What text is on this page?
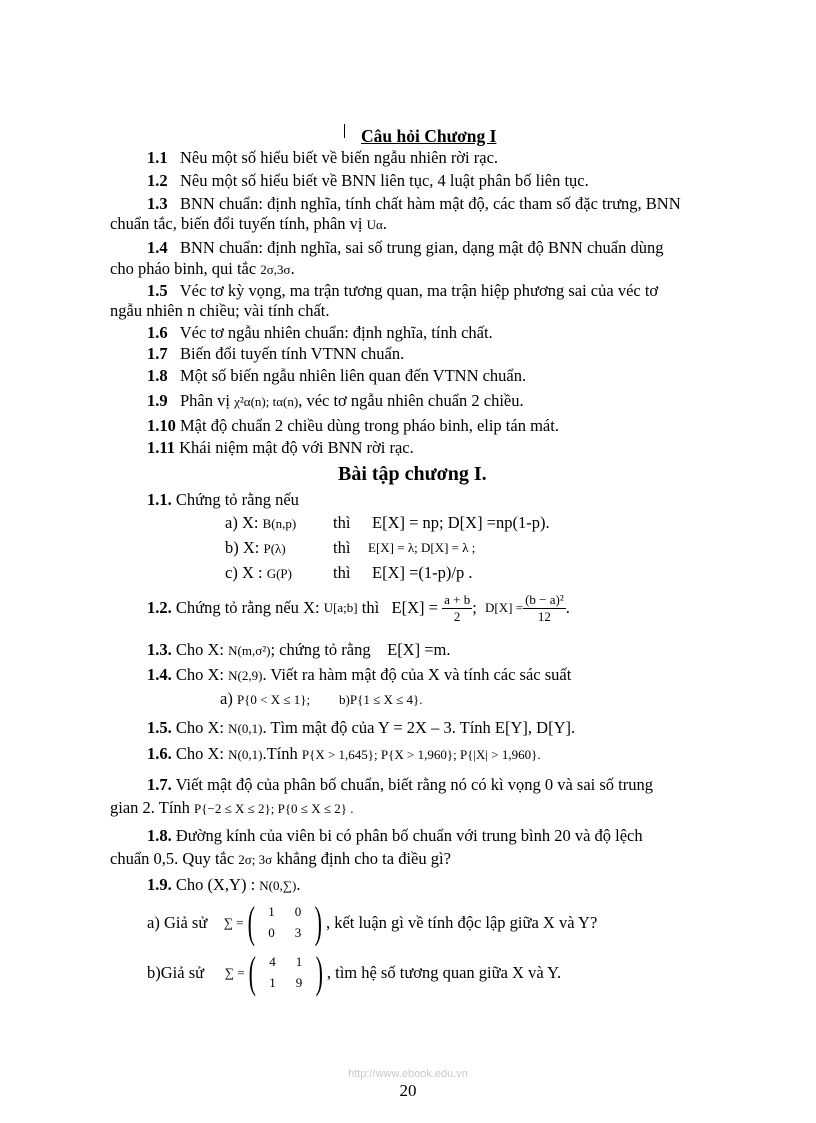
Câu hỏi Chương I
1.1 Nêu một số hiểu biết về biến ngẫu nhiên rời rạc.
1.2 Nêu một số hiểu biết về BNN liên tục, 4 luật phân bố liên tục.
1.3 BNN chuẩn: định nghĩa, tính chất hàm mật độ, các tham số đặc trưng, BNN
chuẩn tắc, biến đổi tuyến tính, phân vị Uα.
1.4 BNN chuẩn: định nghĩa, sai số trung gian, dạng mật độ BNN chuẩn dùng
cho pháo binh, qui tắc 2σ,3σ.
1.5 Véc tơ kỳ vọng, ma trận tương quan, ma trận hiệp phương sai của véc tơ
ngẫu nhiên n chiều; vài tính chất.
1.6 Véc tơ ngẫu nhiên chuẩn: định nghĩa, tính chất.
1.7 Biến đổi tuyến tính VTNN chuẩn.
1.8 Một số biến ngẫu nhiên liên quan đến VTNN chuẩn.
1.9 Phân vị χ²α(n); tα(n), véc tơ ngẫu nhiên chuẩn 2 chiều.
1.10 Mật độ chuẩn 2 chiều dùng trong pháo binh, elip tán mát.
1.11 Khái niệm mật độ với BNN rời rạc.
Bài tập chương I.
1.1. Chứng tỏ rằng nếu
a) X: B(n,p) thì E[X] = np; D[X] =np(1-p).
b) X: P(λ)	thì E[X] = λ; D[X] = λ ;
c) X : G(P) thì E[X] =(1-p)/p .
1.2.
Chứng tỏ rằng nếu
X:
U[a;b]
thì
E[X] =
$\frac{a + b}{2}$ ;
$D[X] = \frac{\text{(b − a)²}}{12}$ .
1.3. Cho X: N(m,σ²); chứng tỏ rằng E[X] =m.
1.4. Cho X: N(2,9). Viết ra hàm mật độ của X và tính các sác suất
a) P{0 < X ≤ 1}; b)P{1 ≤ X ≤ 4}.
1.5. Cho X: N(0,1). Tìm mật độ của Y = 2X – 3. Tính E[Y], D[Y].
1.6. Cho X: N(0,1).Tính P{X > 1,645}; P{X > 1,960}; P{|X| > 1,960}.
1.7. Viết mật độ của phân bố chuẩn, biết rằng nó có kì vọng 0 và sai số trung
gian 2. Tính P{−2 ≤ X ≤ 2}; P{0 ≤ X ≤ 2} .
1.8. Đường kính của viên bi có phân bố chuẩn với trung bình 20 và độ lệch
chuẩn 0,5. Quy tắc 2σ; 3σ khẳng định cho ta điều gì?
1.9. Cho (X,Y) : N(0,∑).
a) Giả sử
∑ = ( 1	0
0	3 ) , kết luận gì về tính độc lập giữa X và Y?
b)Giả sử
∑ = ( 4	1
1	9 ) , tìm hệ số tương quan giữa X và Y.
http://www.ebook.edu.vn
20
